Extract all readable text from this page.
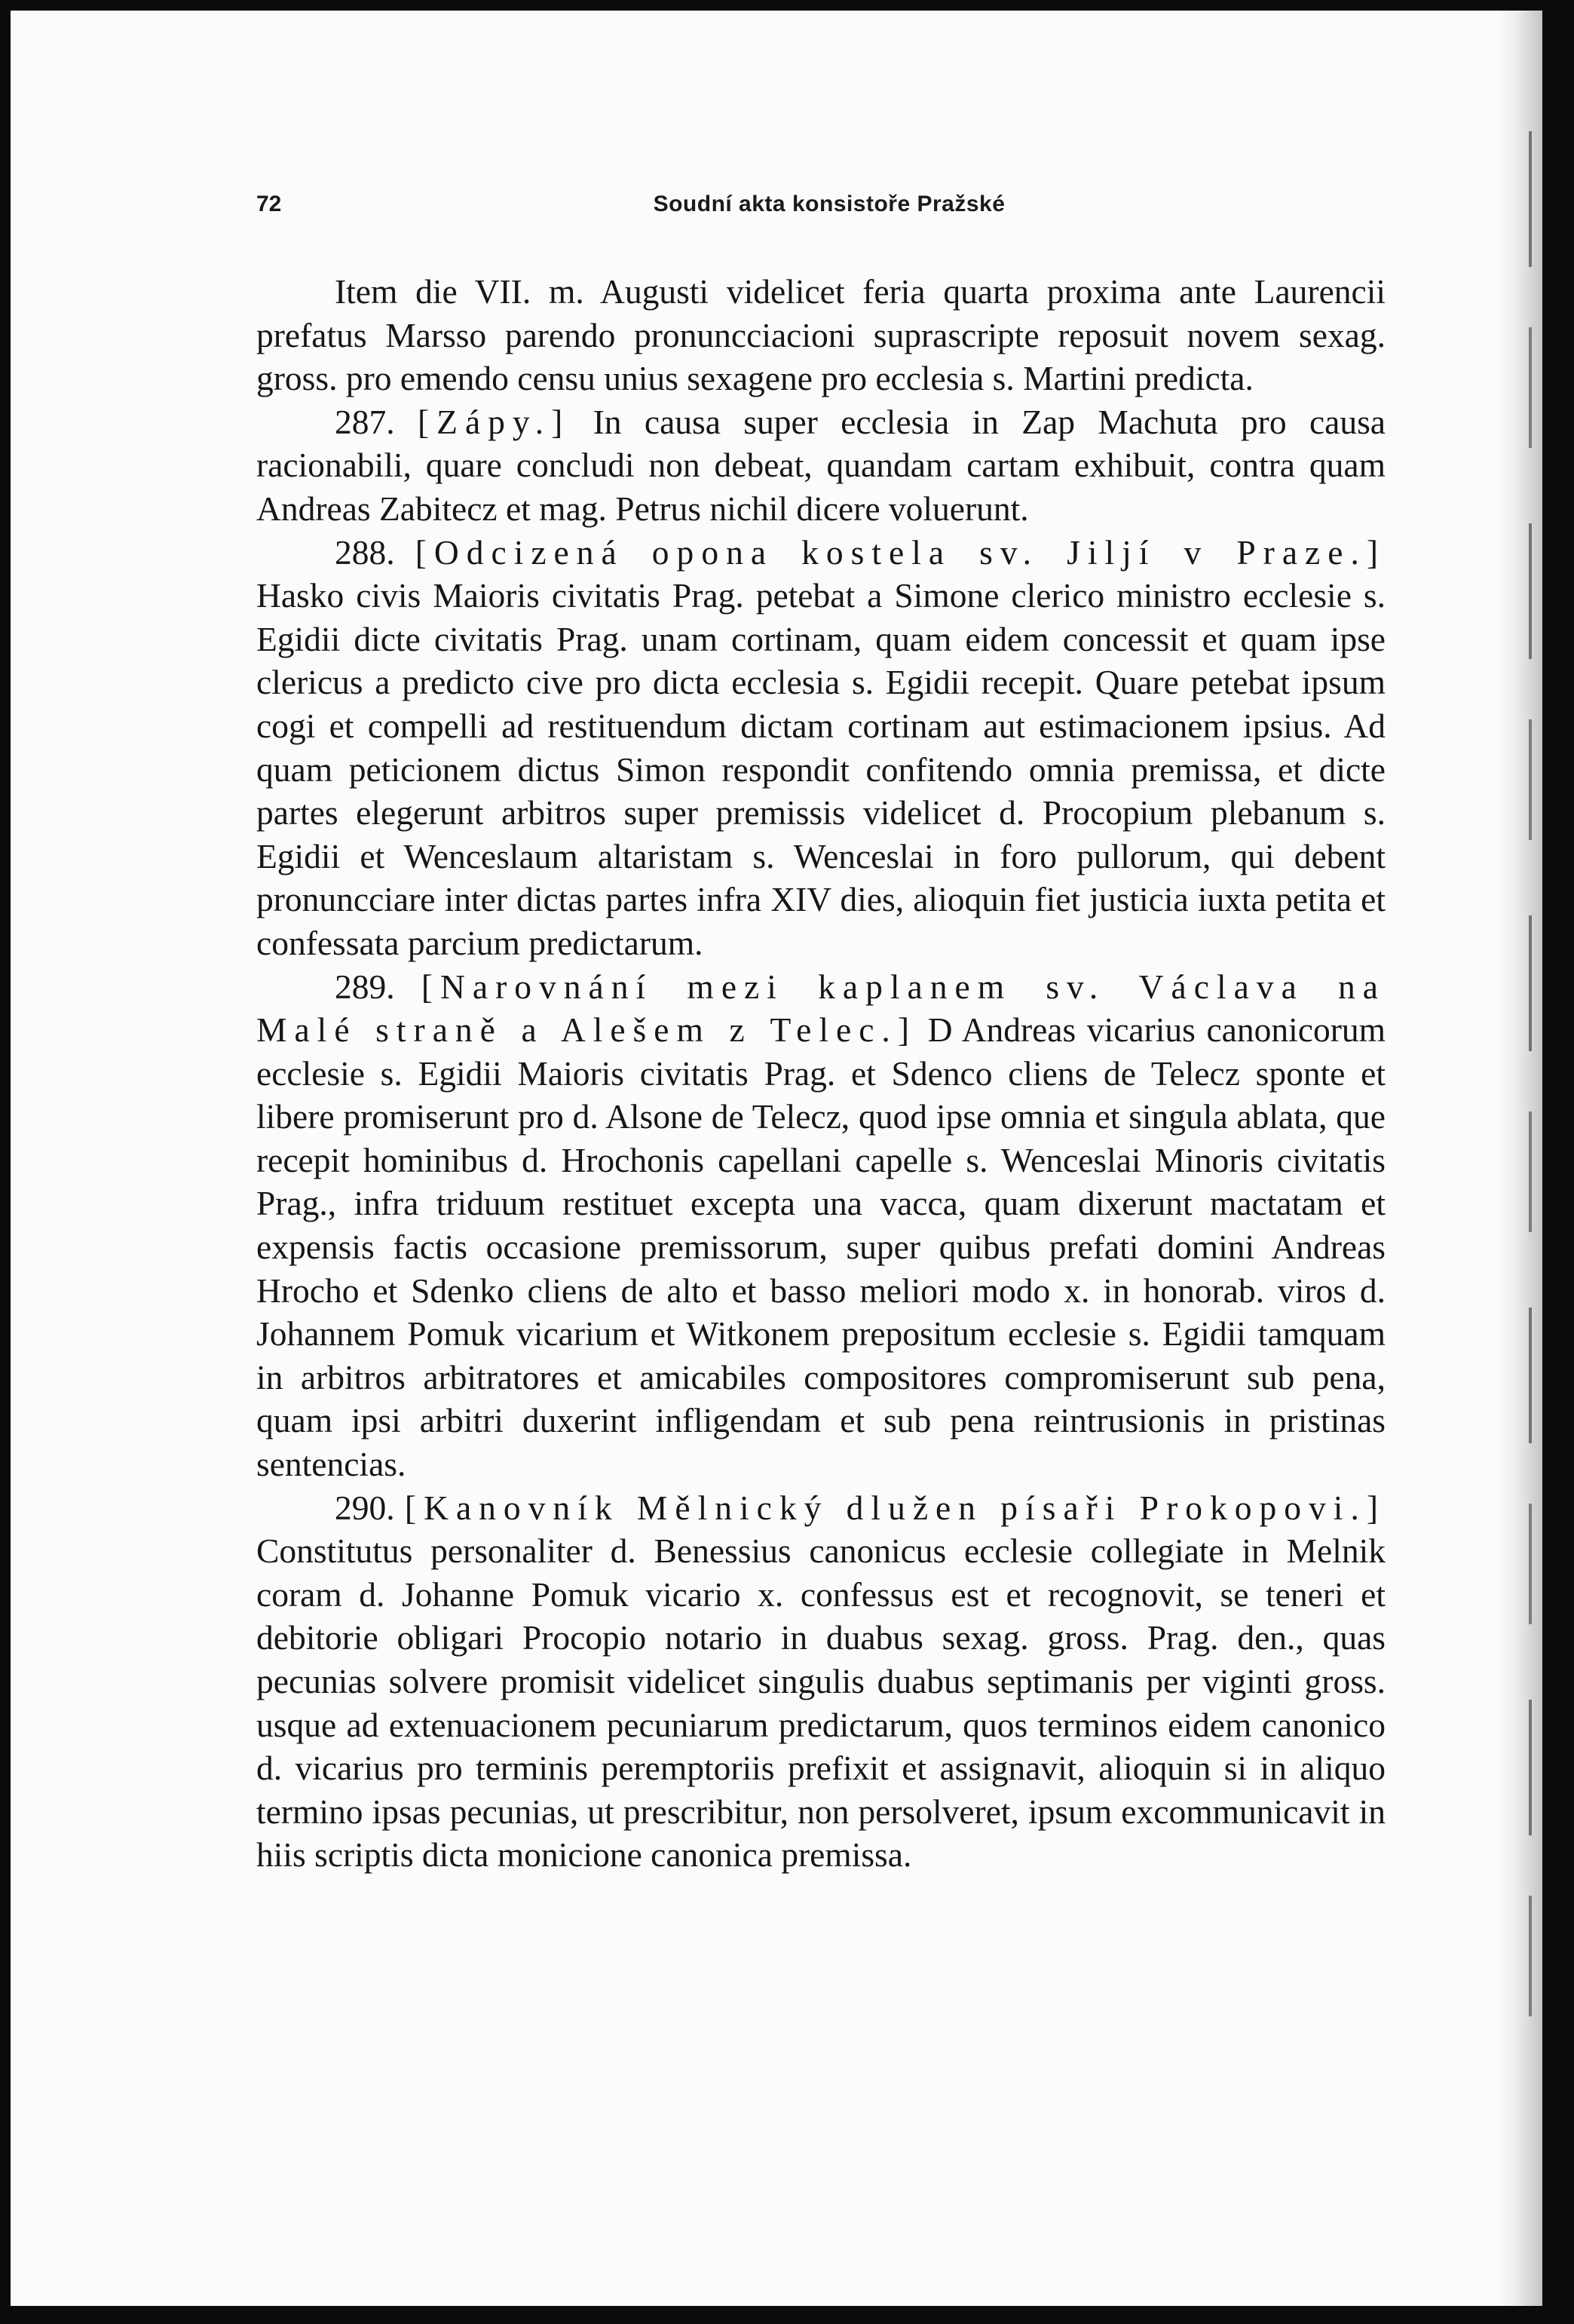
72	Soudní akta konsistoře Pražské

Item die VII. m. Augusti videlicet feria quarta proxima ante Laurencii prefatus Marsso parendo pronuncciacioni suprascripte reposuit novem sexag. gross. pro emendo censu unius sexagene pro ecclesia s. Martini predicta.

287. [Zápy.] In causa super ecclesia in Zap Machuta pro causa racionabili, quare concludi non debeat, quandam cartam exhibuit, contra quam Andreas Zabitecz et mag. Petrus nichil dicere voluerunt.

288. [Odcizená opona kostela sv. Jiljí v Praze.] Hasko civis Maioris civitatis Prag. petebat a Simone clerico ministro ecclesie s. Egidii dicte civitatis Prag. unam cortinam, quam eidem concessit et quam ipse clericus a predicto cive pro dicta ecclesia s. Egidii recepit. Quare petebat ipsum cogi et compelli ad restituendum dictam cortinam aut estimacionem ipsius. Ad quam peticionem dictus Simon respondit confitendo omnia premissa, et dicte partes elegerunt arbitros super premissis videlicet d. Procopium plebanum s. Egidii et Wenceslaum altaristam s. Wenceslai in foro pullorum, qui debent pronuncciare inter dictas partes infra XIV dies, alioquin fiet justicia iuxta petita et confessata parcium predictarum.

289. [Narovnání mezi kaplanem sv. Václava na Malé straně a Alešem z Telec.] D Andreas vicarius canonicorum ecclesie s. Egidii Maioris civitatis Prag. et Sdenco cliens de Telecz sponte et libere promiserunt pro d. Alsone de Telecz, quod ipse omnia et singula ablata, que recepit hominibus d. Hrochonis capellani capelle s. Wenceslai Minoris civitatis Prag., infra triduum restituet excepta una vacca, quam dixerunt mactatam et expensis factis occasione premissorum, super quibus prefati domini Andreas Hrocho et Sdenko cliens de alto et basso meliori modo x. in honorab. viros d. Johannem Pomuk vicarium et Witkonem prepositum ecclesie s. Egidii tamquam in arbitros arbitratores et amicabiles compositores compromiserunt sub pena, quam ipsi arbitri duxerint infligendam et sub pena reintrusionis in pristinas sentencias.

290. [Kanovník Mělnický dlužen písaři Prokopovi.] Constitutus personaliter d. Benessius canonicus ecclesie collegiate in Melnik coram d. Johanne Pomuk vicario x. confessus est et recognovit, se teneri et debitorie obligari Procopio notario in duabus sexag. gross. Prag. den., quas pecunias solvere promisit videlicet singulis duabus septimanis per viginti gross. usque ad extenuacionem pecuniarum predictarum, quos terminos eidem canonico d. vicarius pro terminis peremptoriis prefixit et assignavit, alioquin si in aliquo termino ipsas pecunias, ut prescribitur, non persolveret, ipsum excommunicavit in hiis scriptis dicta monicione canonica premissa.
